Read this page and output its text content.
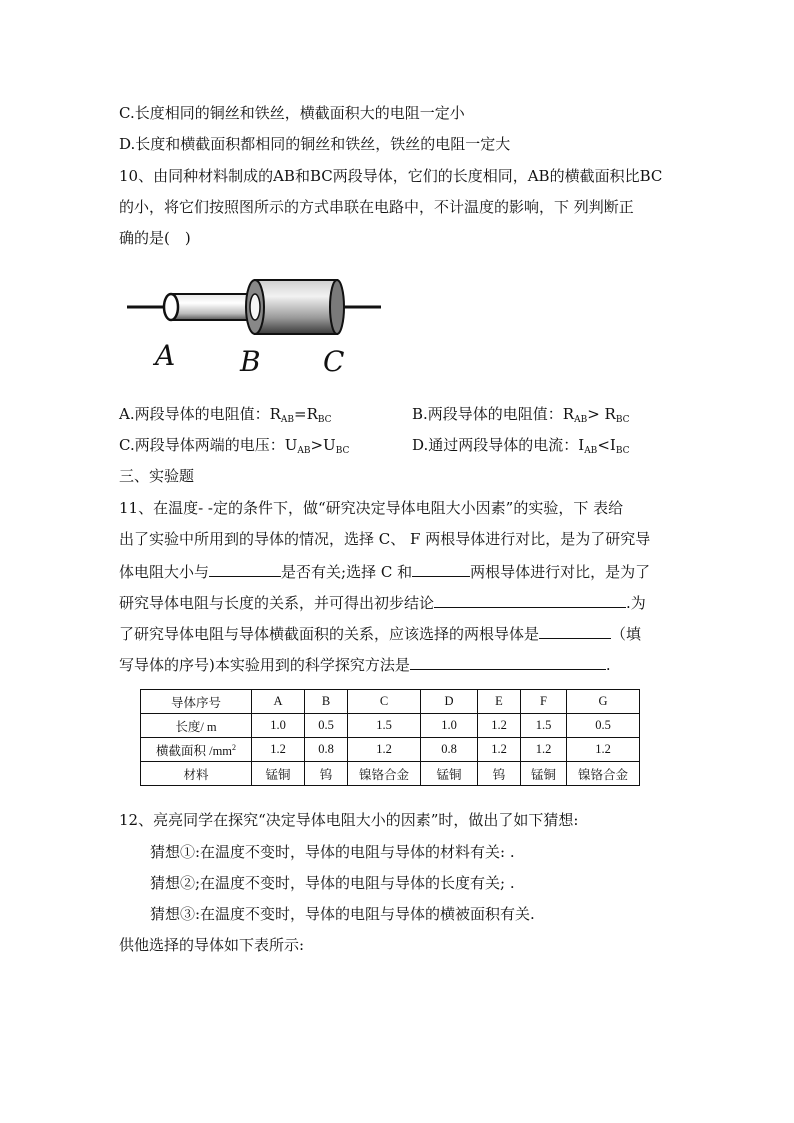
C.长度相同的铜丝和铁丝，横截面积大的电阻一定小
D.长度和横截面积都相同的铜丝和铁丝，铁丝的电阻一定大
10、由同种材料制成的AB和BC两段导体，它们的长度相同，AB的横截面积比BC
的小，将它们按照图所示的方式串联在电路中，不计温度的影响，下 列判断正
确的是(　)
A B C
A.两段导体的电阻值：$R_{AB}=R_{BC}$	B.两段导体的电阻值：$R_{AB}> R_{BC}$
C.两段导体两端的电压：$U_{AB}>U_{BC}$	D.通过两段导体的电流：$I_{AB}<I_{BC}$
三、实验题
11、在温度- -定的条件下，做“研究决定导体电阻大小因素”的实验，下 表给
出了实验中所用到的导体的情况，选择 C、 F 两根导体进行对比，是为了研究导
体电阻大小与	是否有关;选择 C 和	两根导体进行对比，是为了
研究导体电阻与长度的关系，并可得出初步结论	.为
了研究导体电阻与导体横截面积的关系，应该选择的两根导体是	（填
写导体的序号)本实验用到的科学探究方法是	.
导体序号	A	B	C	D	E	F	G
长度/ m	1.0	0.5	1.5	1.0	1.2	1.5	0.5
横截面积 $/mm^2$	1.2	0.8	1.2	0.8	1.2	1.2	1.2
材料	锰铜	钨	镍铬合金	锰铜	钨	锰铜	镍铬合金
12、亮亮同学在探究“决定导体电阻大小的因素”时，做出了如下猜想:
猜想①:在温度不变时，导体的电阻与导体的材料有关: .
猜想②;在温度不变时，导体的电阻与导体的长度有关; .
猜想③:在温度不变时，导体的电阻与导体的横被面积有关.
供他选择的导体如下表所示:
